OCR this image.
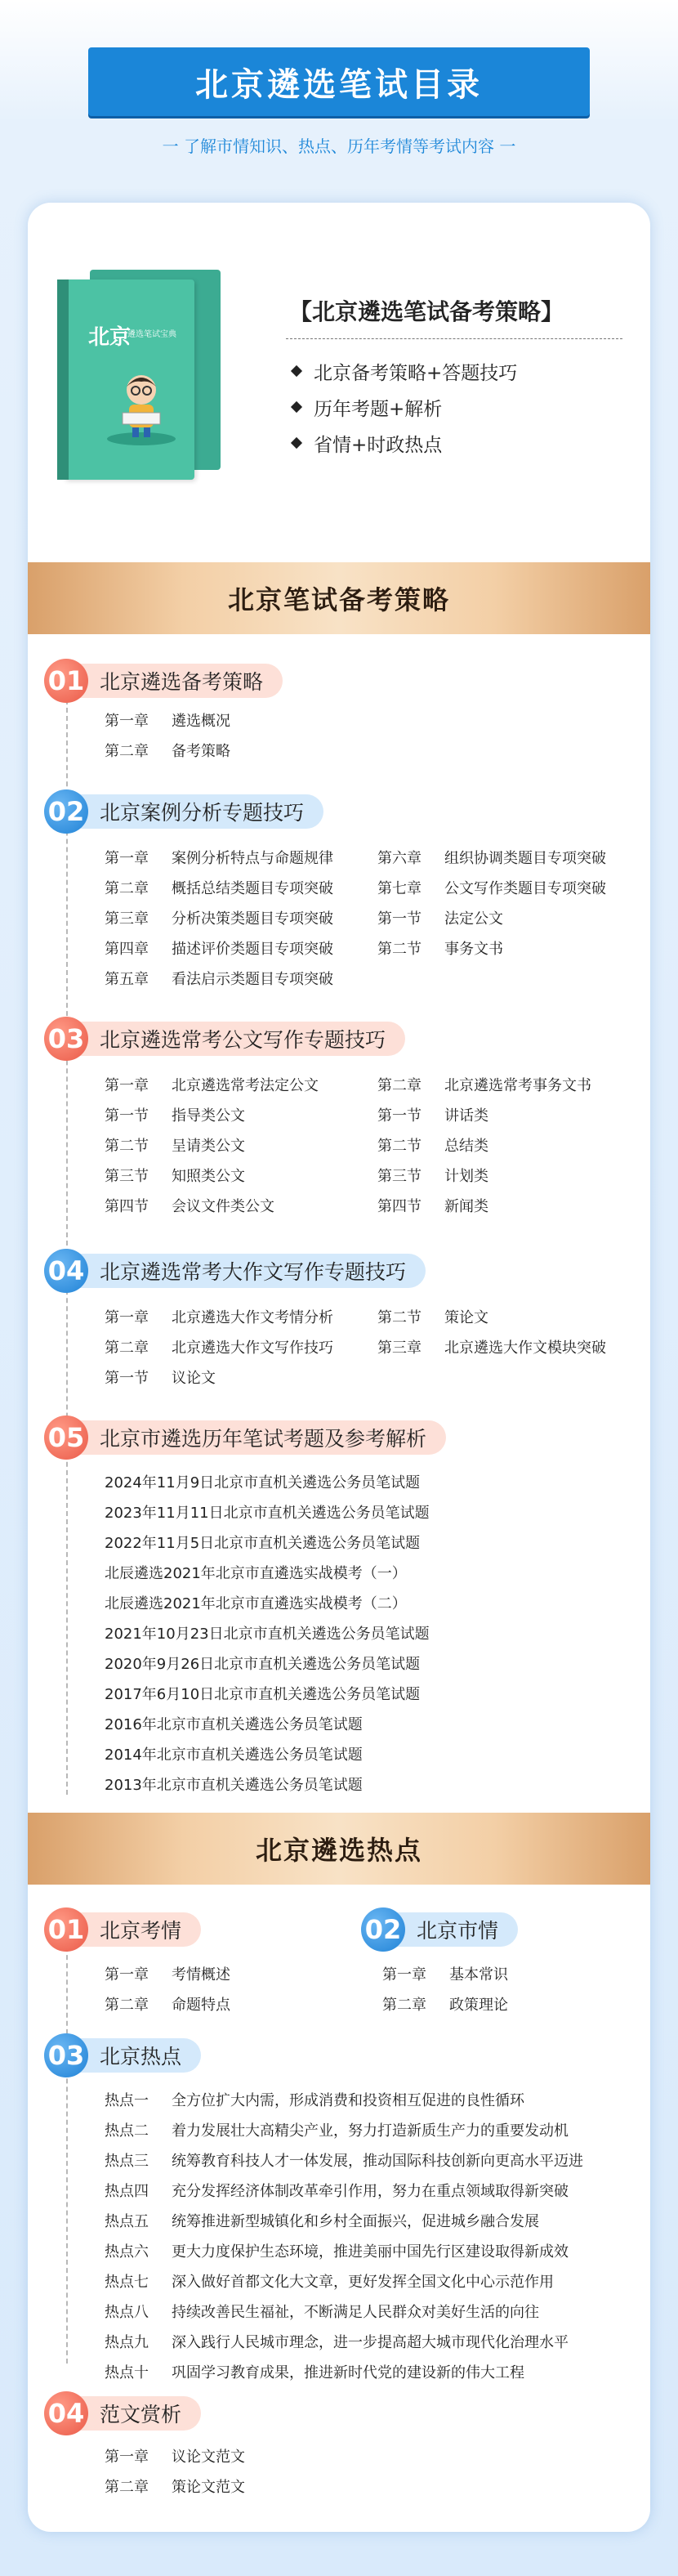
北京遴选笔试目录
一 了解市情知识、热点、历年考情等考试内容 一
北京
遴选笔试宝典
【北京遴选笔试备考策略】
北京备考策略+答题技巧
历年考题+解析
省情+时政热点
北京笔试备考策略
01 北京遴选备考策略
第一章	遴选概况
第二章	备考策略
02 北京案例分析专题技巧
第一章	案例分析特点与命题规律
第二章	概括总结类题目专项突破
第三章	分析决策类题目专项突破
第四章	描述评价类题目专项突破
第五章	看法启示类题目专项突破
第六章	组织协调类题目专项突破
第七章	公文写作类题目专项突破
第一节	法定公文
第二节	事务文书
03 北京遴选常考公文写作专题技巧
第一章	北京遴选常考法定公文
第一节	指导类公文
第二节	呈请类公文
第三节	知照类公文
第四节	会议文件类公文
第二章	北京遴选常考事务文书
第一节	讲话类
第二节	总结类
第三节	计划类
第四节	新闻类
04 北京遴选常考大作文写作专题技巧
第一章	北京遴选大作文考情分析
第二章	北京遴选大作文写作技巧
第一节	议论文
第二节	策论文
第三章	北京遴选大作文模块突破
05 北京市遴选历年笔试考题及参考解析
2024年11月9日北京市直机关遴选公务员笔试题
2023年11月11日北京市直机关遴选公务员笔试题
2022年11月5日北京市直机关遴选公务员笔试题
北辰遴选2021年北京市直遴选实战模考（一）
北辰遴选2021年北京市直遴选实战模考（二）
2021年10月23日北京市直机关遴选公务员笔试题
2020年9月26日北京市直机关遴选公务员笔试题
2017年6月10日北京市直机关遴选公务员笔试题
2016年北京市直机关遴选公务员笔试题
2014年北京市直机关遴选公务员笔试题
2013年北京市直机关遴选公务员笔试题
北京遴选热点
01 北京考情
第一章	考情概述
第二章	命题特点
02 北京市情
第一章	基本常识
第二章	政策理论
03 北京热点
热点一	全方位扩大内需，形成消费和投资相互促进的良性循环
热点二	着力发展壮大高精尖产业，努力打造新质生产力的重要发动机
热点三	统筹教育科技人才一体发展，推动国际科技创新向更高水平迈进
热点四	充分发挥经济体制改革牵引作用，努力在重点领域取得新突破
热点五	统筹推进新型城镇化和乡村全面振兴，促进城乡融合发展
热点六	更大力度保护生态环境，推进美丽中国先行区建设取得新成效
热点七	深入做好首都文化大文章，更好发挥全国文化中心示范作用
热点八	持续改善民生福祉，不断满足人民群众对美好生活的向往
热点九	深入践行人民城市理念，进一步提高超大城市现代化治理水平
热点十	巩固学习教育成果，推进新时代党的建设新的伟大工程
04 范文赏析
第一章	议论文范文
第二章	策论文范文
